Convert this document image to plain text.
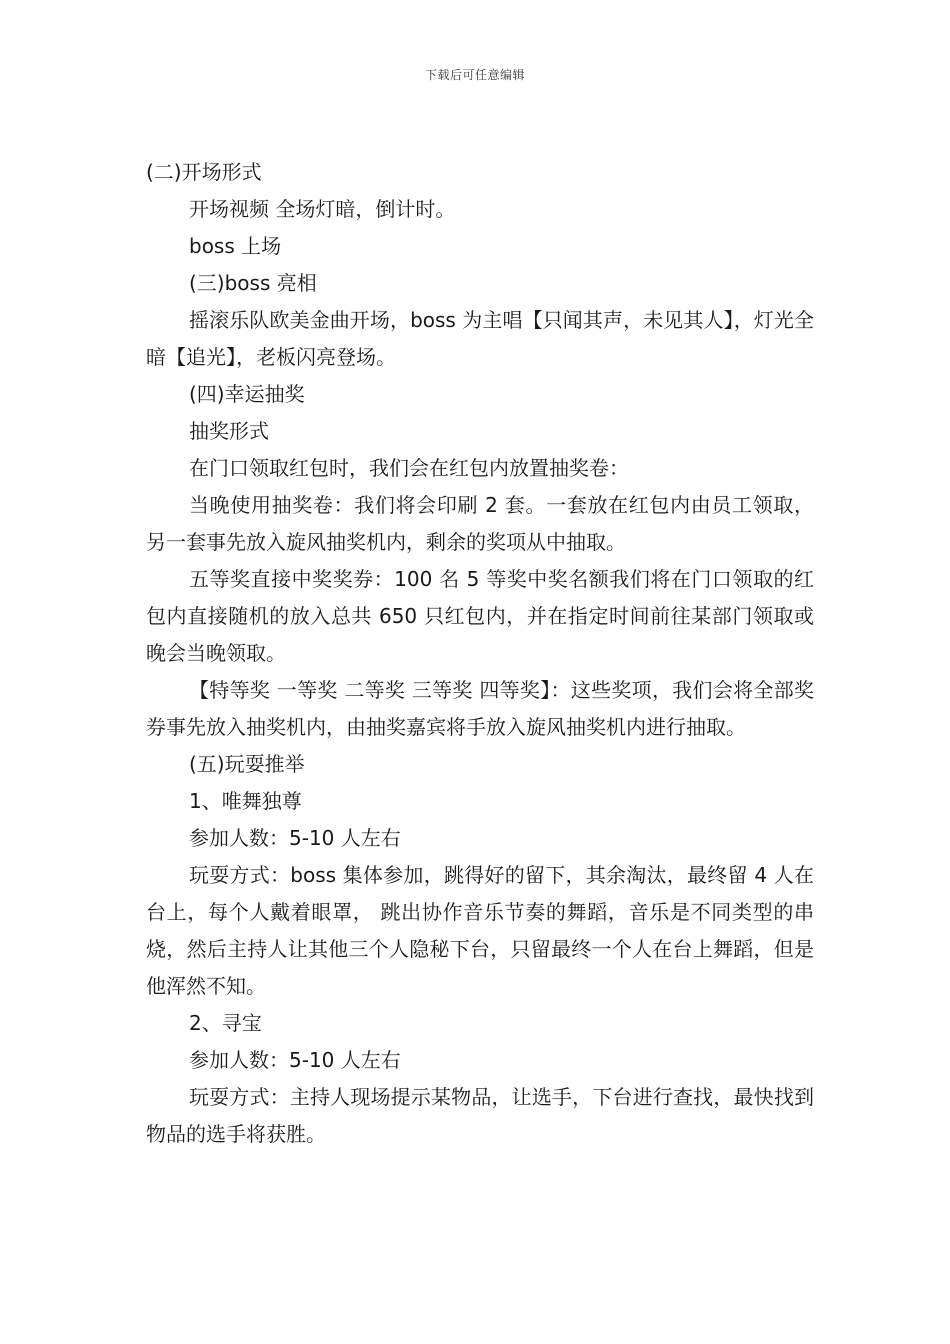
下载后可任意编辑

(二)开场形式

开场视频 全场灯暗，倒计时。

boss 上场

(三)boss 亮相

摇滚乐队欧美金曲开场，boss 为主唱【只闻其声，未见其人】，灯光全暗【追光】，老板闪亮登场。

(四)幸运抽奖

抽奖形式

在门口领取红包时，我们会在红包内放置抽奖卷：

当晚使用抽奖卷：我们将会印刷 2 套。一套放在红包内由员工领取，另一套事先放入旋风抽奖机内，剩余的奖项从中抽取。

五等奖直接中奖奖券：100 名 5 等奖中奖名额我们将在门口领取的红包内直接随机的放入总共 650 只红包内，并在指定时间前往某部门领取或晚会当晚领取。

【特等奖 一等奖 二等奖 三等奖 四等奖】：这些奖项，我们会将全部奖券事先放入抽奖机内，由抽奖嘉宾将手放入旋风抽奖机内进行抽取。

(五)玩耍推举

1、唯舞独尊

参加人数：5-10 人左右

玩耍方式：boss 集体参加，跳得好的留下，其余淘汰，最终留 4 人在台上，每个人戴着眼罩， 跳出协作音乐节奏的舞蹈，音乐是不同类型的串烧，然后主持人让其他三个人隐秘下台，只留最终一个人在台上舞蹈，但是他浑然不知。

2、寻宝

参加人数：5-10 人左右

玩耍方式：主持人现场提示某物品，让选手，下台进行查找，最快找到物品的选手将获胜。
